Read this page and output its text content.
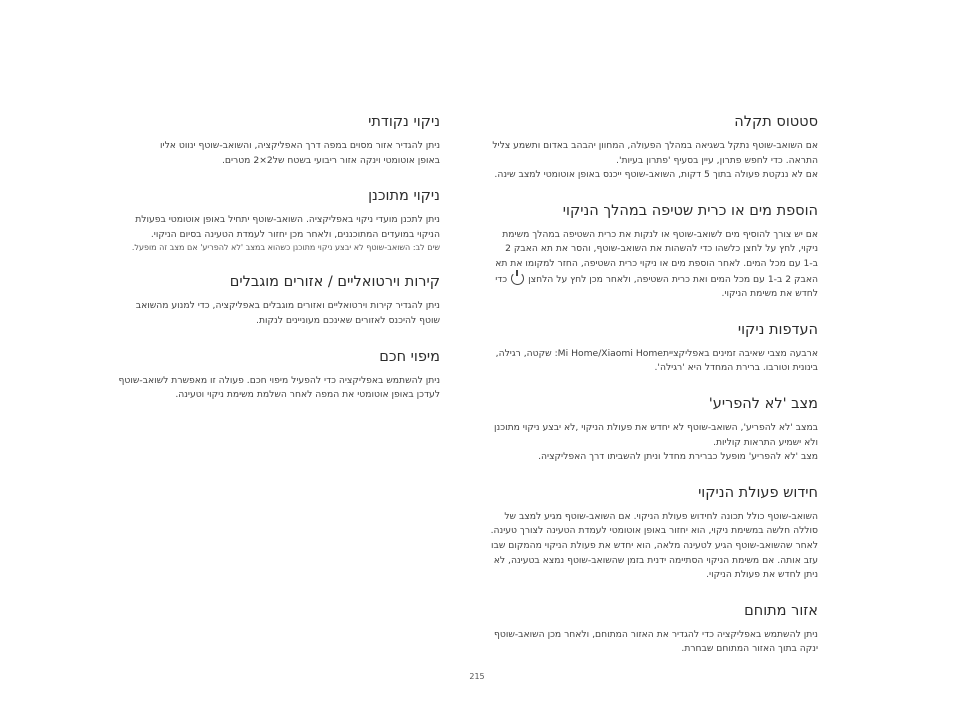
סטטוס תקלה

אם השואב-שוטף נתקל בשגיאה במהלך הפעולה, המחוון יהבהב באדום ותשמע צליל

התראה. כדי לחפש פתרון, עיין בסעיף 'פתרון בעיות'.

אם לא ננקטת פעולה בתוך 5 דקות, השואב-שוטף ייכנס באופן אוטומטי למצב שינה.

הוספת מים או כרית שטיפה במהלך הניקוי

אם יש צורך להוסיף מים לשואב-שוטף או לנקות את כרית השטיפה במהלך משימת

ניקוי, לחץ על לחצן כלשהו כדי להשהות את השואב-שוטף, והסר את תא האבק 2

ב-1 עם מכל המים. לאחר הוספת מים או ניקוי כרית השטיפה, החזר למקומו את תא

האבק 2 ב-1 עם מכל המים ואת כרית השטיפה, ולאחר מכן לחץ על הלחצןכדי

לחדש את משימת הניקוי.

העדפות ניקוי

ארבעה מצבי שאיבה זמינים באפליקצייתMi Home/Xiaomi Home: שקטה, רגילה,

בינונית וטורבו. ברירת המחדל היא 'רגילה'.

מצב 'לא להפריע'

במצב 'לא להפריע', השואב-שוטף לא יחדש את פעולת הניקוי ,לא יבצע ניקוי מתוכנן

ולא ישמיע התראות קוליות.

מצב 'לא להפריע' מופעל כברירת מחדל וניתן להשביתו דרך האפליקציה.

חידוש פעולת הניקוי

השואב-שוטף כולל תכונה לחידוש פעולת הניקוי. אם השואב-שוטף מגיע למצב של

סוללה חלשה במשימת ניקוי, הוא יחזור באופן אוטומטי לעמדת הטעינה לצורך טעינה.

לאחר שהשואב-שוטף הגיע לטעינה מלאה, הוא יחדש את פעולת הניקוי מהמקום שבו

עזב אותה. אם משימת הניקוי הסתיימה ידנית בזמן שהשואב-שוטף נמצא בטעינה, לא

ניתן לחדש את פעולת הניקוי.

אזור מתוחם

ניתן להשתמש באפליקציה כדי להגדיר את האזור המתוחם, ולאחר מכן השואב-שוטף

ינקה בתוך האזור המתוחם שבחרת.

ניקוי נקודתי

ניתן להגדיר אזור מסוים במפה דרך האפליקציה, והשואב-שוטף ינווט אליו

באופן אוטומטי וינקה אזור ריבועי בשטח של2×2 מטרים.

ניקוי מתוכנן

ניתן לתכנן מועדי ניקוי באפליקציה. השואב-שוטף יתחיל באופן אוטומטי בפעולת

הניקוי במועדים המתוכננים, ולאחר מכן יחזור לעמדת הטעינה בסיום הניקוי.

שים לב: השואב-שוטף לא יבצע ניקוי מתוכנן כשהוא במצב 'לא להפריע' אם מצב זה מופעל.

קירות וירטואליים / אזורים מוגבלים

ניתן להגדיר קירות וירטואליים ואזורים מוגבלים באפליקציה, כדי למנוע מהשואב

שוטף להיכנס לאזורים שאינכם מעוניינים לנקות.

מיפוי חכם

ניתן להשתמש באפליקציה כדי להפעיל מיפוי חכם. פעולה זו מאפשרת לשואב-שוטף

לעדכן באופן אוטומטי את המפה לאחר השלמת משימת ניקוי וטעינה.

215
